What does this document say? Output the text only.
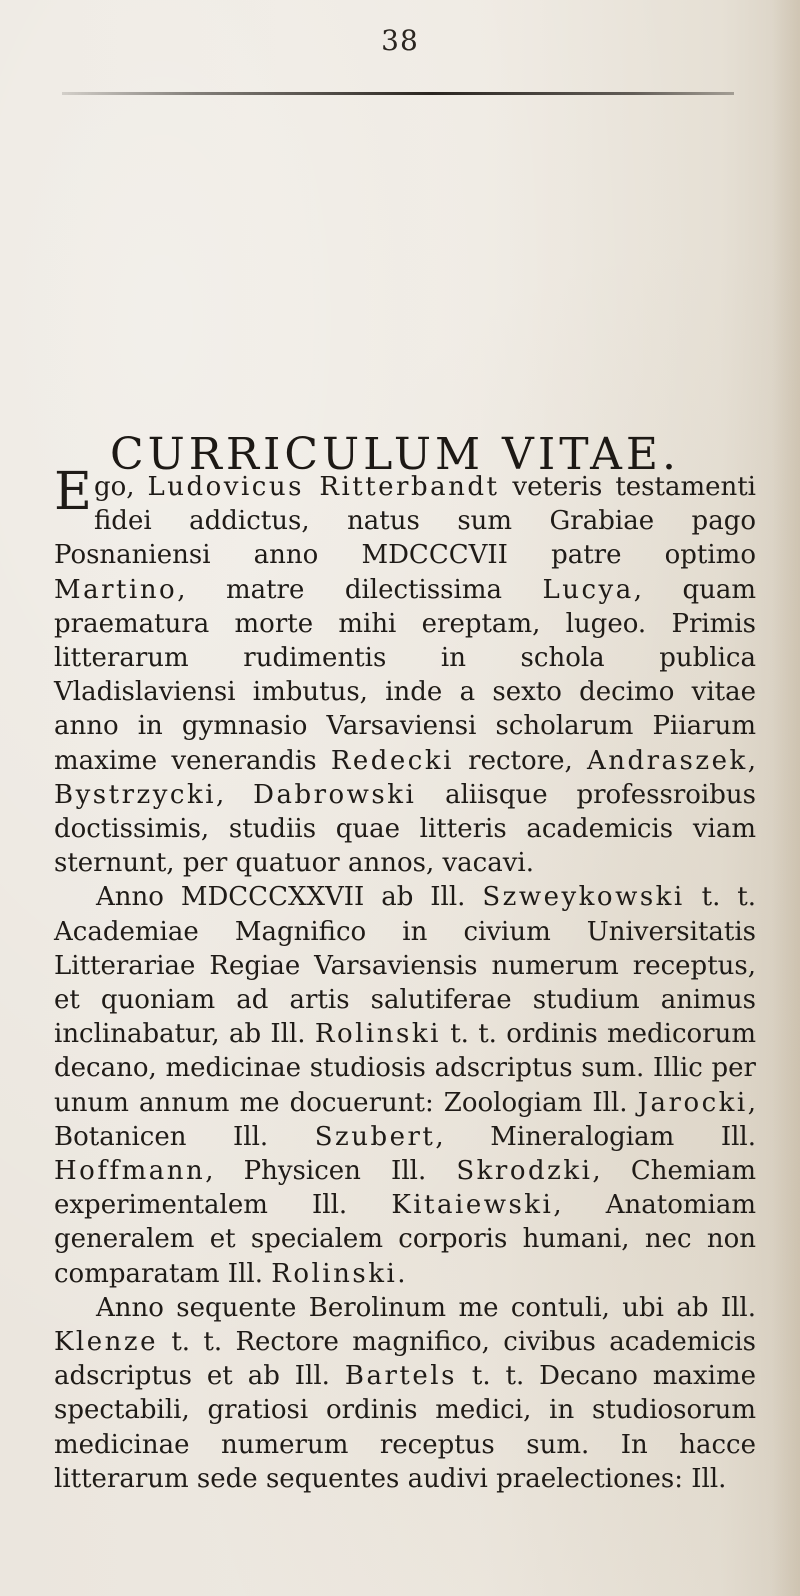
38
CURRICULUM VITAE.

E go, Ludovicus Ritterbandt veteris testamenti fidei addictus, natus sum Grabiae pago Posnaniensi anno MDCCCVII patre optimo Martino, matre dilectissima Lucya, quam praematura morte mihi ereptam, lugeo. Primis litterarum rudimentis in schola publica Vladislaviensi imbutus, inde a sexto decimo vitae anno in gymnasio Varsaviensi scholarum Piiarum maxime venerandis Redecki rectore, Andraszek, Bystrzycki, Dabrowski aliisque professroibus doctissimis, studiis quae litteris academicis viam sternunt, per quatuor annos, vacavi.

Anno MDCCCXXVII ab Ill. Szweykowski t. t. Academiae Magnifico in civium Universitatis Litterariae Regiae Varsaviensis numerum receptus, et quoniam ad artis salutiferae studium animus inclinabatur, ab Ill. Rolinski t. t. ordinis medicorum decano, medicinae studiosis adscriptus sum. Illic per unum annum me docuerunt: Zoologiam Ill. Jarocki, Botanicen Ill. Szubert, Mineralogiam Ill. Hoffmann, Physicen Ill. Skrodzki, Chemiam experimentalem Ill. Kitaiewski, Anatomiam generalem et specialem corporis humani, nec non comparatam Ill. Rolinski.

Anno sequente Berolinum me contuli, ubi ab Ill. Klenze t. t. Rectore magnifico, civibus academicis adscriptus et ab Ill. Bartels t. t. Decano maxime spectabili, gratiosi ordinis medici, in studiosorum medicinae numerum receptus sum. In hacce litterarum sede sequentes audivi praelectiones: Ill.
